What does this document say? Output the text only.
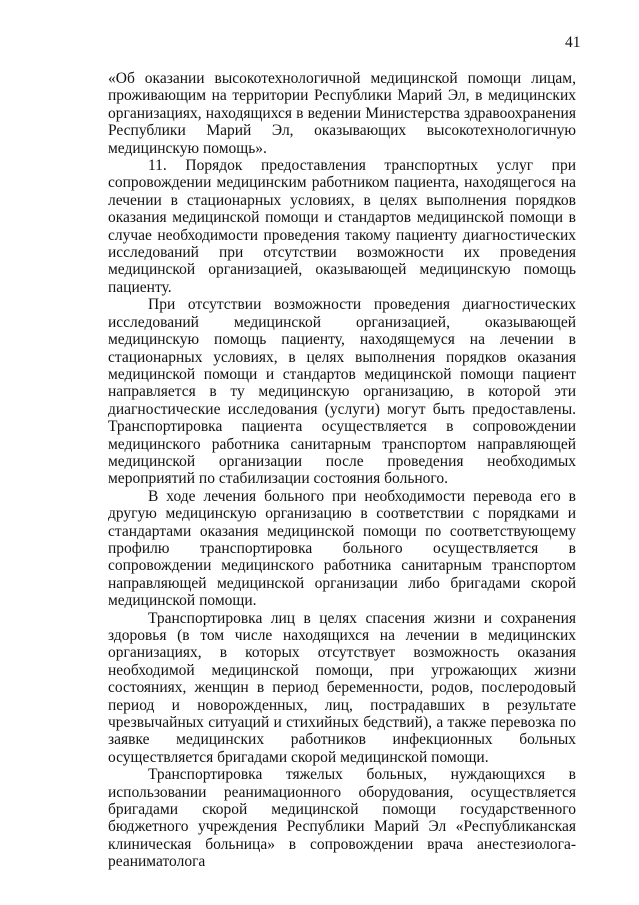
41

«Об оказании высокотехнологичной медицинской помощи лицам, проживающим на территории Республики Марий Эл, в медицинских организациях, находящихся в ведении Министерства здравоохранения Республики Марий Эл, оказывающих высокотехнологичную медицинскую помощь».

11. Порядок предоставления транспортных услуг при сопровождении медицинским работником пациента, находящегося на лечении в стационарных условиях, в целях выполнения порядков оказания медицинской помощи и стандартов медицинской помощи в случае необходимости проведения такому пациенту диагностических исследований при отсутствии возможности их проведения медицинской организацией, оказывающей медицинскую помощь пациенту.

При отсутствии возможности проведения диагностических исследований медицинской организацией, оказывающей медицинскую помощь пациенту, находящемуся на лечении в стационарных условиях, в целях выполнения порядков оказания медицинской помощи и стандартов медицинской помощи пациент направляется в ту медицинскую организацию, в которой эти диагностические исследования (услуги) могут быть предоставлены. Транспортировка пациента осуществляется в сопровождении медицинского работника санитарным транспортом направляющей медицинской организации после проведения необходимых мероприятий по стабилизации состояния больного.

В ходе лечения больного при необходимости перевода его в другую медицинскую организацию в соответствии с порядками и стандартами оказания медицинской помощи по соответствующему профилю транспортировка больного осуществляется в сопровождении медицинского работника санитарным транспортом направляющей медицинской организации либо бригадами скорой медицинской помощи.

Транспортировка лиц в целях спасения жизни и сохранения здоровья (в том числе находящихся на лечении в медицинских организациях, в которых отсутствует возможность оказания необходимой медицинской помощи, при угрожающих жизни состояниях, женщин в период беременности, родов, послеродовый период и новорожденных, лиц, пострадавших в результате чрезвычайных ситуаций и стихийных бедствий), а также перевозка по заявке медицинских работников инфекционных больных осуществляется бригадами скорой медицинской помощи.

Транспортировка тяжелых больных, нуждающихся в использовании реанимационного оборудования, осуществляется бригадами скорой медицинской помощи государственного бюджетного учреждения Республики Марий Эл «Республиканская клиническая больница» в сопровождении врача анестезиолога-реаниматолога
